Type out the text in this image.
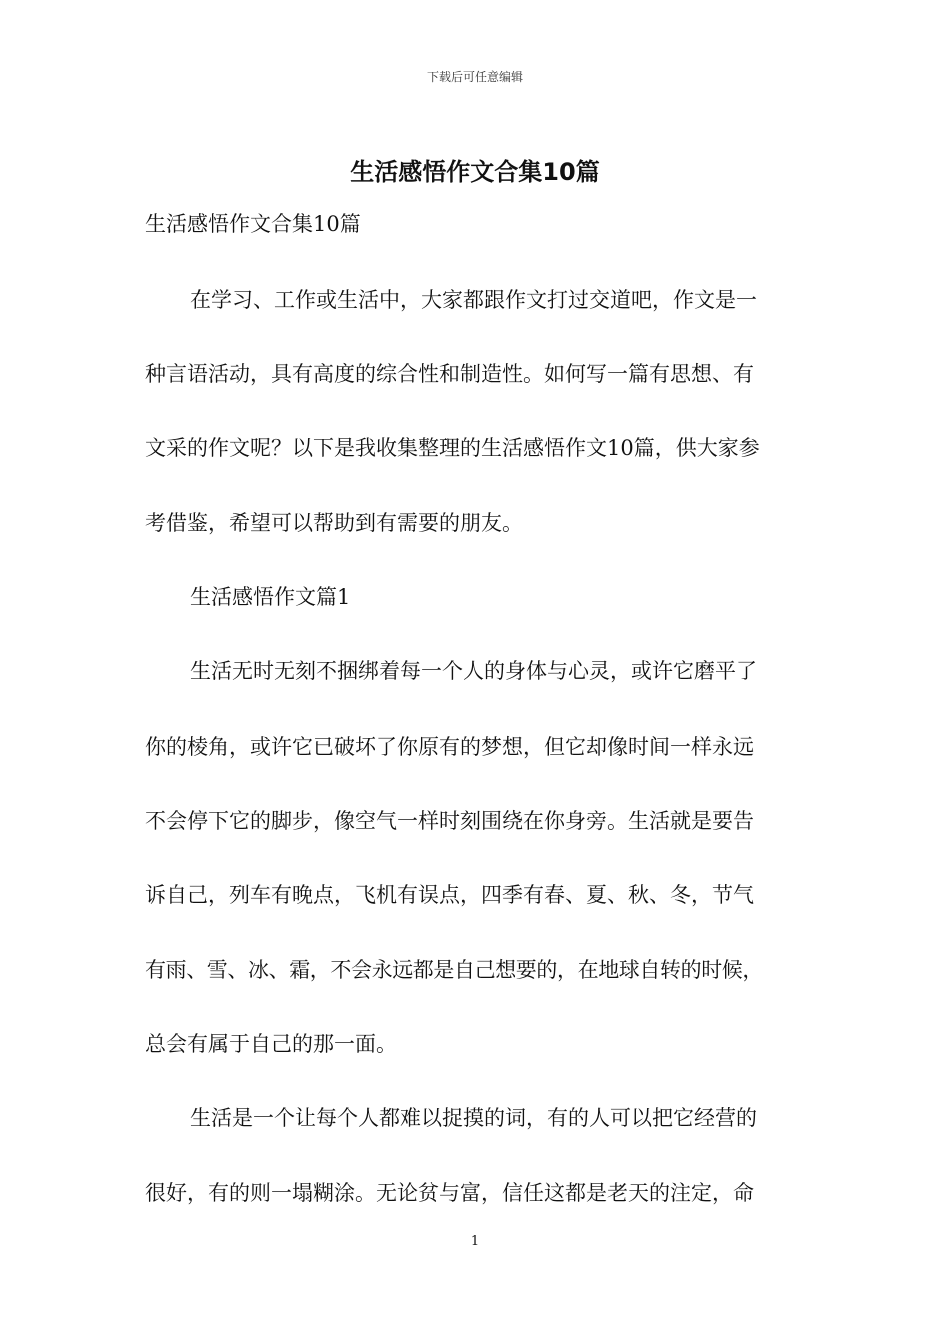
下载后可任意编辑
生活感悟作文合集10篇
生活感悟作文合集10篇
在学习、工作或生活中，大家都跟作文打过交道吧，作文是一
种言语活动，具有高度的综合性和制造性。如何写一篇有思想、有
文采的作文呢？以下是我收集整理的生活感悟作文10篇，供大家参
考借鉴，希望可以帮助到有需要的朋友。
生活感悟作文篇1
生活无时无刻不捆绑着每一个人的身体与心灵，或许它磨平了
你的棱角，或许它已破坏了你原有的梦想，但它却像时间一样永远
不会停下它的脚步，像空气一样时刻围绕在你身旁。生活就是要告
诉自己，列车有晚点，飞机有误点，四季有春、夏、秋、冬，节气
有雨、雪、冰、霜，不会永远都是自己想要的，在地球自转的时候，
总会有属于自己的那一面。
生活是一个让每个人都难以捉摸的词，有的人可以把它经营的
很好，有的则一塌糊涂。无论贫与富，信任这都是老天的注定，命
1
